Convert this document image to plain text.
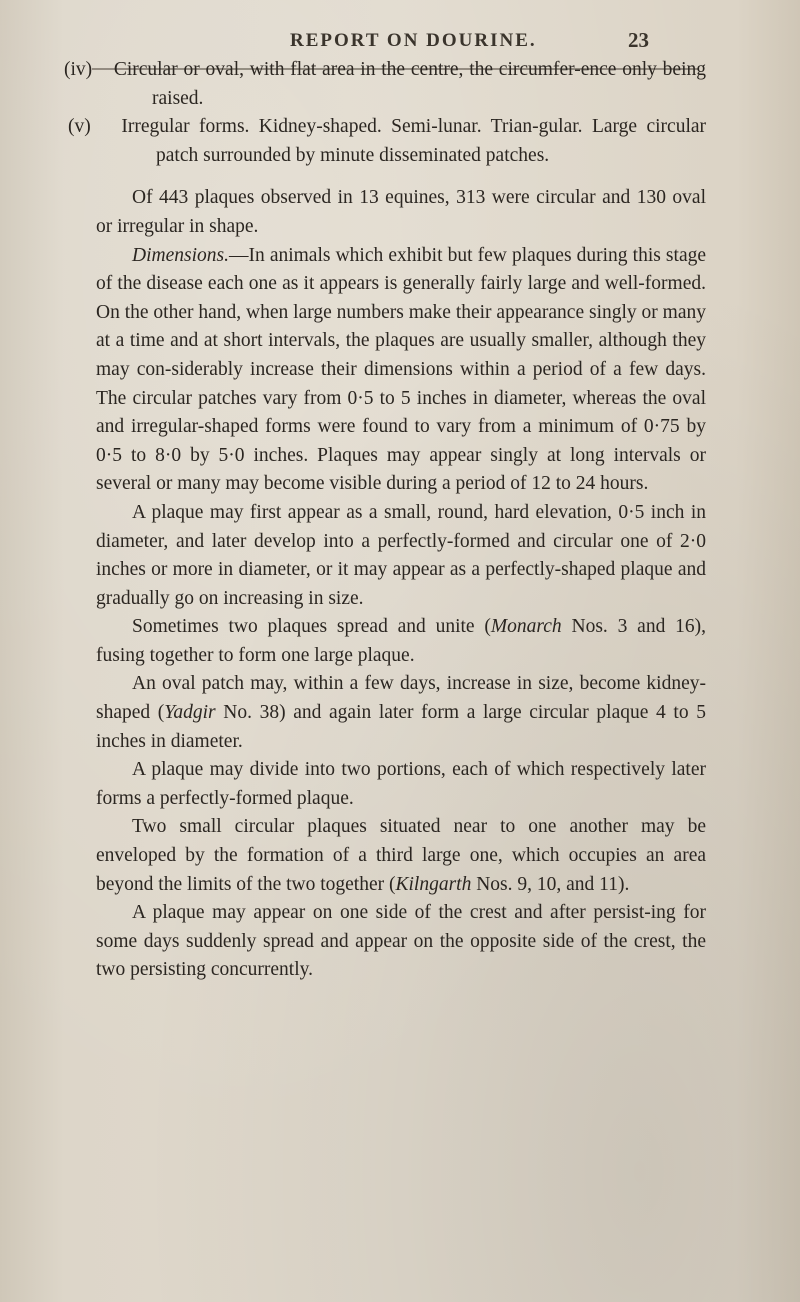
REPORT ON DOURINE.	23

(iv) Circular or oval, with flat area in the centre, the circumfer-ence only being raised.

(v) Irregular forms. Kidney-shaped. Semi-lunar. Trian-gular. Large circular patch surrounded by minute disseminated patches.

Of 443 plaques observed in 13 equines, 313 were circular and 130 oval or irregular in shape.

Dimensions.—In animals which exhibit but few plaques during this stage of the disease each one as it appears is generally fairly large and well-formed. On the other hand, when large numbers make their appearance singly or many at a time and at short intervals, the plaques are usually smaller, although they may con-siderably increase their dimensions within a period of a few days. The circular patches vary from 0·5 to 5 inches in diameter, whereas the oval and irregular-shaped forms were found to vary from a minimum of 0·75 by 0·5 to 8·0 by 5·0 inches. Plaques may appear singly at long intervals or several or many may become visible during a period of 12 to 24 hours.

A plaque may first appear as a small, round, hard elevation, 0·5 inch in diameter, and later develop into a perfectly-formed and circular one of 2·0 inches or more in diameter, or it may appear as a perfectly-shaped plaque and gradually go on increasing in size.

Sometimes two plaques spread and unite (Monarch Nos. 3 and 16), fusing together to form one large plaque.

An oval patch may, within a few days, increase in size, become kidney-shaped (Yadgir No. 38) and again later form a large circular plaque 4 to 5 inches in diameter.

A plaque may divide into two portions, each of which respectively later forms a perfectly-formed plaque.

Two small circular plaques situated near to one another may be enveloped by the formation of a third large one, which occupies an area beyond the limits of the two together (Kilngarth Nos. 9, 10, and 11).

A plaque may appear on one side of the crest and after persist-ing for some days suddenly spread and appear on the opposite side of the crest, the two persisting concurrently.
